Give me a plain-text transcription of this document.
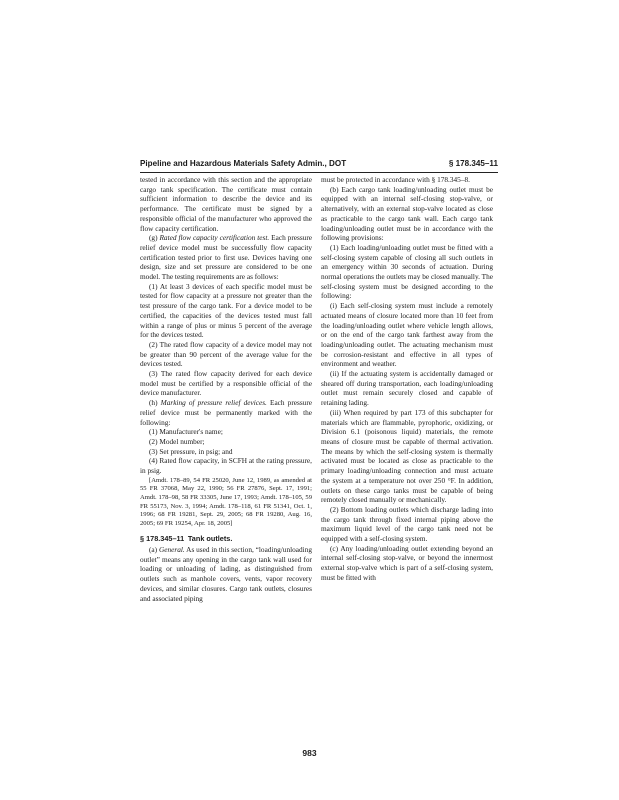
Pipeline and Hazardous Materials Safety Admin., DOT	§ 178.345–11

tested in accordance with this section and the appropriate cargo tank specification. The certificate must contain sufficient information to describe the device and its performance. The certificate must be signed by a responsible official of the manufacturer who approved the flow capacity certification.

(g) Rated flow capacity certification test. Each pressure relief device model must be successfully flow capacity certification tested prior to first use. Devices having one design, size and set pressure are considered to be one model. The testing requirements are as follows:

(1) At least 3 devices of each specific model must be tested for flow capacity at a pressure not greater than the test pressure of the cargo tank. For a device model to be certified, the capacities of the devices tested must fall within a range of plus or minus 5 percent of the average for the devices tested.

(2) The rated flow capacity of a device model may not be greater than 90 percent of the average value for the devices tested.

(3) The rated flow capacity derived for each device model must be certified by a responsible official of the device manufacturer.

(h) Marking of pressure relief devices. Each pressure relief device must be permanently marked with the following:

(1) Manufacturer's name;

(2) Model number;

(3) Set pressure, in psig; and

(4) Rated flow capacity, in SCFH at the rating pressure, in psig.

[Amdt. 178–89, 54 FR 25020, June 12, 1989, as amended at 55 FR 37068, May 22, 1990; 56 FR 27876, Sept. 17, 1991; Amdt. 178–98, 58 FR 33305, June 17, 1993; Amdt. 178–105, 59 FR 55173, Nov. 3, 1994; Amdt. 178–118, 61 FR 51341, Oct. 1, 1996; 68 FR 19281, Sept. 29, 2005; 68 FR 19280, Aug. 16, 2005; 69 FR 19254, Apr. 18, 2005]

§ 178.345–11 Tank outlets.

(a) General. As used in this section, “loading/unloading outlet” means any opening in the cargo tank wall used for loading or unloading of lading, as distinguished from outlets such as manhole covers, vents, vapor recovery devices, and similar closures. Cargo tank outlets, closures and associated piping

must be protected in accordance with § 178.345–8.

(b) Each cargo tank loading/unloading outlet must be equipped with an internal self-closing stop-valve, or alternatively, with an external stop-valve located as close as practicable to the cargo tank wall. Each cargo tank loading/unloading outlet must be in accordance with the following provisions:

(1) Each loading/unloading outlet must be fitted with a self-closing system capable of closing all such outlets in an emergency within 30 seconds of actuation. During normal operations the outlets may be closed manually. The self-closing system must be designed according to the following:

(i) Each self-closing system must include a remotely actuated means of closure located more than 10 feet from the loading/unloading outlet where vehicle length allows, or on the end of the cargo tank farthest away from the loading/unloading outlet. The actuating mechanism must be corrosion-resistant and effective in all types of environment and weather.

(ii) If the actuating system is accidentally damaged or sheared off during transportation, each loading/unloading outlet must remain securely closed and capable of retaining lading.

(iii) When required by part 173 of this subchapter for materials which are flammable, pyrophoric, oxidizing, or Division 6.1 (poisonous liquid) materials, the remote means of closure must be capable of thermal activation. The means by which the self-closing system is thermally activated must be located as close as practicable to the primary loading/unloading connection and must actuate the system at a temperature not over 250 °F. In addition, outlets on these cargo tanks must be capable of being remotely closed manually or mechanically.

(2) Bottom loading outlets which discharge lading into the cargo tank through fixed internal piping above the maximum liquid level of the cargo tank need not be equipped with a self-closing system.

(c) Any loading/unloading outlet extending beyond an internal self-closing stop-valve, or beyond the innermost external stop-valve which is part of a self-closing system, must be fitted with

983
